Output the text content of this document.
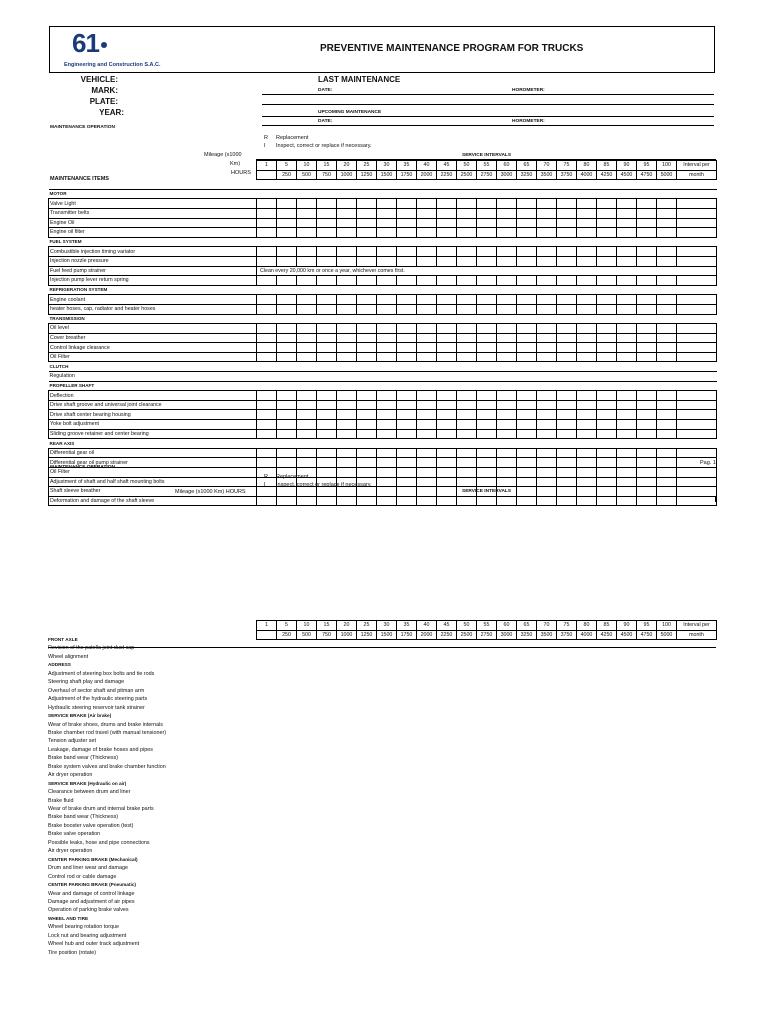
61
Engineering and Construction S.A.C.
PREVENTIVE MAINTENANCE PROGRAM FOR TRUCKS
VEHICLE:
MARK:
PLATE:
YEAR:
LAST MAINTENANCE
DATE:	HOROMETER:
UPCOMING MAINTENANCE
DATE:	HOROMETER:
MAINTENANCE OPERATION
R Replacement
I Inspect, correct or replace if necessary.
Mileage (x1000
Km)
HOURS
SERVICE INTERVALS
	1	5	10	15	20	25	30	35	40	45	50	55	60	65	70	75	80	85	90	95	100	Interval per
		250	500	750	1000	1250	1500	1750	2000	2250	2500	2750	3000	3250	3500	3750	4000	4250	4500	4750	5000	month

MOTOR																						
Valve Light																						
Transmitter belts																						
Engine Oil																						
Engine oil filter																						
FUEL SYSTEM																						
Combustible injection timing variator																						
Injection nozzle pressure																						
Fuel feed pump strainer	Clean every 20,000 km or once a year, whichever comes first.																					
Injection pump lever return spring																						
REFRIGERATION SYSTEM																						
Engine coolant																						
heater hoses, cap, radiator and heater hoses																						
TRANSMISSION																						
Oil level																						
Cover breather																						
Control linkage clearance																						
Oil Filter																						
CLUTCH																						
Regulation																						
PROPELLER SHAFT																						
Deflection																						
Drive shaft groove and universal joint clearance																						
Drive shaft center bearing housing																						
Yoke bolt adjustment																						
Sliding groove retainer and center bearing																						
REAR AXIS																						
Differential gear oil																						
Differential gear oil pump strainer																						
Oil Filter																						
Adjustment of shaft and half shaft mounting bolts																						
Shaft sleeve breather																						
Deformation and damage of the shaft sleeve																						
MAINTENANCE ITEMS
Pag. 1
MAINTENANCE OPERATION
R Replacement
I Inspect, correct or replace if necessary.
Mileage (x1000 Km) HOURS	SERVICE INTERVALS
1	5	10	15	20	25	30	35	40	45	50	55	60	65	70	75	80	85	90	95	100	Interval per
	250	500	750	1000	1250	1500	1750	2000	2250	2500	2750	3000	3250	3500	3750	4000	4250	4500	4750	5000	month
FRONT AXLE
Revision of the patella joint dust cap
Wheel alignment
ADDRESS
Adjustment of steering box bolts and tie rods
Steering shaft play and damage
Overhaul of sector shaft and pitman arm
Adjustment of the hydraulic steering parts
Hydraulic steering reservoir tank strainer
SERVICE BRAKE (Air brake)
Wear of brake shoes, drums and brake internals
Brake chamber rod travel (with manual tensioner)
Tension adjuster set
Leakage, damage of brake hoses and pipes
Brake band wear (Thickness)
Brake system valves and brake chamber function
Air dryer operation
SERVICE BRAKE (Hydraulic on air)
Clearance between drum and liner
Brake fluid
Wear of brake drum and internal brake parts
Brake band wear (Thickness)
Brake booster valve operation (test)
Brake valve operation
Possible leaks, hose and pipe connections
Air dryer operation
CENTER PARKING BRAKE (Mechanical)
Drum and liner wear and damage
Control rod or cable damage
CENTER PARKING BRAKE (Pneumatic)
Wear and damage of control linkage
Damage and adjustment of air pipes
Operation of parking brake valves
WHEEL AND TIRE
Wheel bearing rotation torque
Lock nut and bearing adjustment
Wheel hub and outer track adjustment
Tire position (rotate)
